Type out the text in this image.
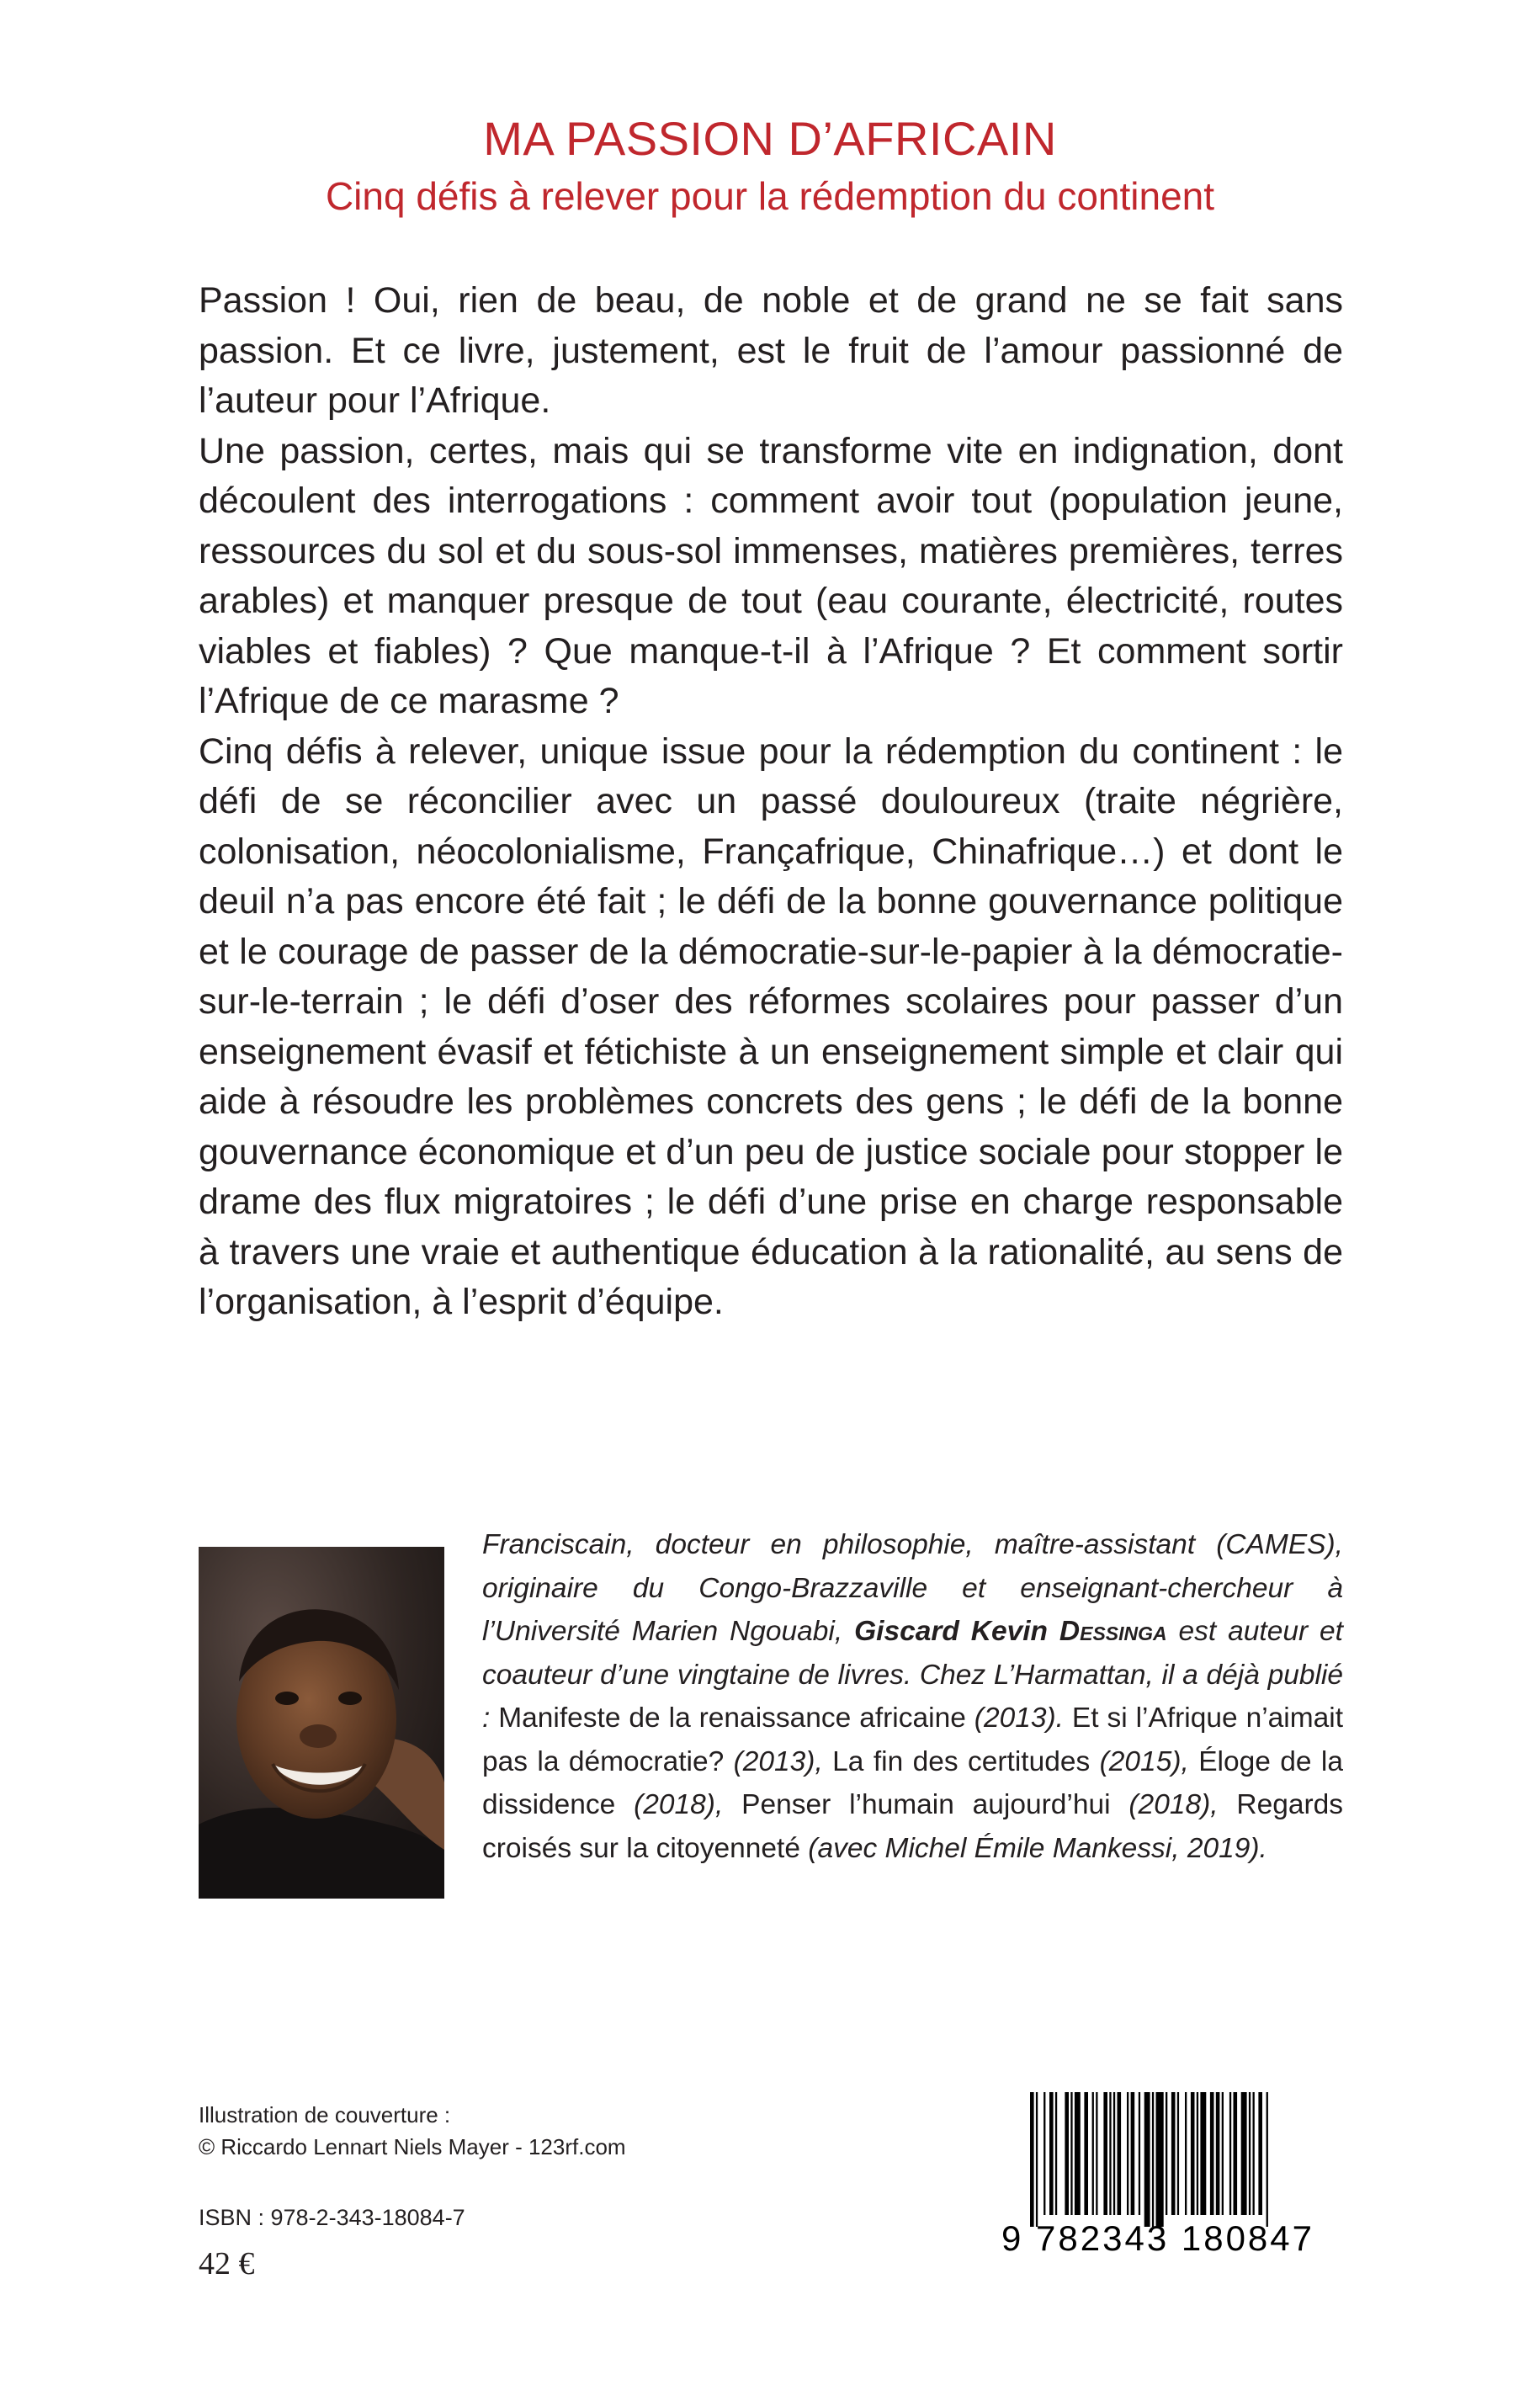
MA PASSION D’AFRICAIN
Cinq défis à relever pour la rédemption du continent

Passion ! Oui, rien de beau, de noble et de grand ne se fait sans passion. Et ce livre, justement, est le fruit de l’amour passionné de l’auteur pour l’Afrique.

Une passion, certes, mais qui se transforme vite en indignation, dont découlent des interrogations : comment avoir tout (population jeune, ressources du sol et du sous-sol immenses, matières premières, terres arables) et manquer presque de tout (eau courante, électricité, routes viables et fiables) ? Que manque-t-il à l’Afrique ? Et comment sortir l’Afrique de ce marasme ?

Cinq défis à relever, unique issue pour la rédemption du continent : le défi de se réconcilier avec un passé douloureux (traite négrière, colonisation, néocolonialisme, Françafrique, Chinafrique…) et dont le deuil n’a pas encore été fait ; le défi de la bonne gouvernance politique et le courage de passer de la démocratie-sur-le-papier à la démocratie-sur-le-terrain ; le défi d’oser des réformes scolaires pour passer d’un enseignement évasif et fétichiste à un enseignement simple et clair qui aide à résoudre les problèmes concrets des gens ; le défi de la bonne gouvernance économique et d’un peu de justice sociale pour stopper le drame des flux migratoires ; le défi d’une prise en charge responsable à travers une vraie et authentique éducation à la rationalité, au sens de l’organisation, à l’esprit d’équipe.

Franciscain, docteur en philosophie, maître-assistant (CAMES), originaire du Congo-Brazzaville et enseignant-chercheur à l’Université Marien Ngouabi, Giscard Kevin Dessinga est auteur et coauteur d’une vingtaine de livres. Chez L’Harmattan, il a déjà publié : Manifeste de la renaissance africaine (2013). Et si l’Afrique n’aimait pas la démocratie? (2013), La fin des certitudes (2015), Éloge de la dissidence (2018), Penser l’humain aujourd’hui (2018), Regards croisés sur la citoyenneté (avec Michel Émile Mankessi, 2019).
Illustration de couverture :
© Riccardo Lennart Niels Mayer - 123rf.com
ISBN : 978-2-343-18084-7
42 €
9 782343 180847
